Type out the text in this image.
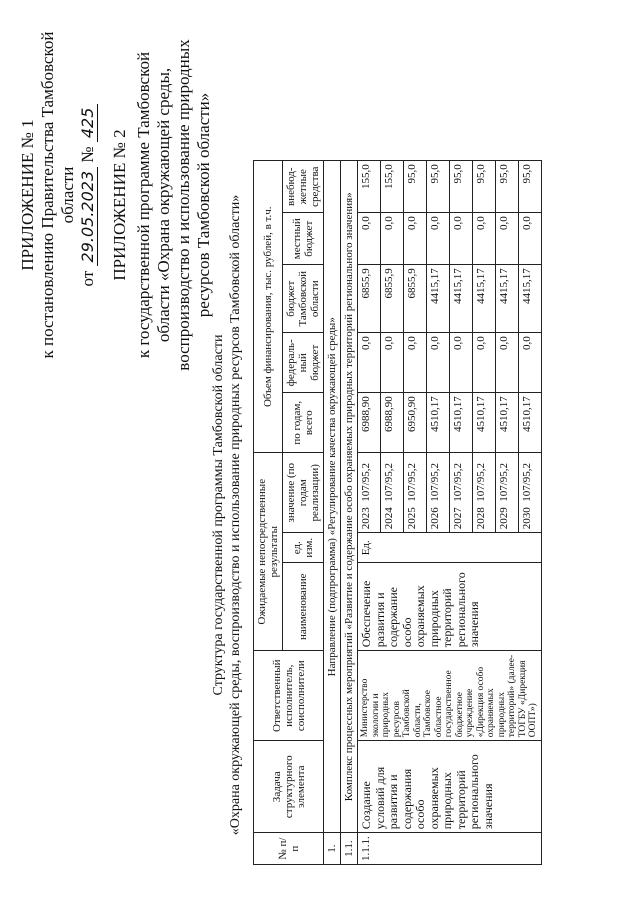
ПРИЛОЖЕНИЕ № 1 к постановлению Правительства Тамбовской области
от 29.05.2023 № 425
ПРИЛОЖЕНИЕ № 2 к государственной программе Тамбовской области «Охрана окружающей среды, воспроизводство и использование природных ресурсов Тамбовской области»
Структура государственной программы Тамбовской области «Охрана окружающей среды, воспроизводство и использование природных ресурсов Тамбовской области»
№ п/п	Задача структурного элемента	Ответственный исполнитель, соисполнители	Ожидаемые непосредственные результаты			Объем финансирования, тыс. рублей, в т.ч.				
			наименование	ед. изм.	значение (по годам реализации)	по годам, всего	федераль-ный бюджет	бюджет Тамбовской области	местный бюджет	внебюд-жетные средства
1.	Направление (подпрограмма) «Регулирование качества окружающей среды»									
1.1.	Комплекс процессных мероприятий «Развитие и содержание особо охраняемых природных территорий регионального значения»									
1.1.1.	Создание условий для развития и содержания особо охраняемых природных территорий регионального значения	Министерство экологии и природных ресурсов Тамбовской области, Тамбовское областное государственное бюджетное учреждение «Дирекция особо охраняемых природных территорий» (далее-ТОГБУ «Дирекция ООПТ»)	Обеспечение развития и содержание особо охраняемых природных территорий регионального значения	Ед.	2023  107/95,2	6988,90	0,0	6855,9	0,0	155,0
					2024  107/95,2	6988,90	0,0	6855,9	0,0	155,0
					2025  107/95,2	6950,90	0,0	6855,9	0,0	95,0
					2026  107/95,2	4510,17	0,0	4415,17	0,0	95,0
					2027  107/95,2	4510,17	0,0	4415,17	0,0	95,0
					2028  107/95,2	4510,17	0,0	4415,17	0,0	95,0
					2029  107/95,2	4510,17	0,0	4415,17	0,0	95,0
					2030  107/95,2	4510,17	0,0	4415,17	0,0	95,0
